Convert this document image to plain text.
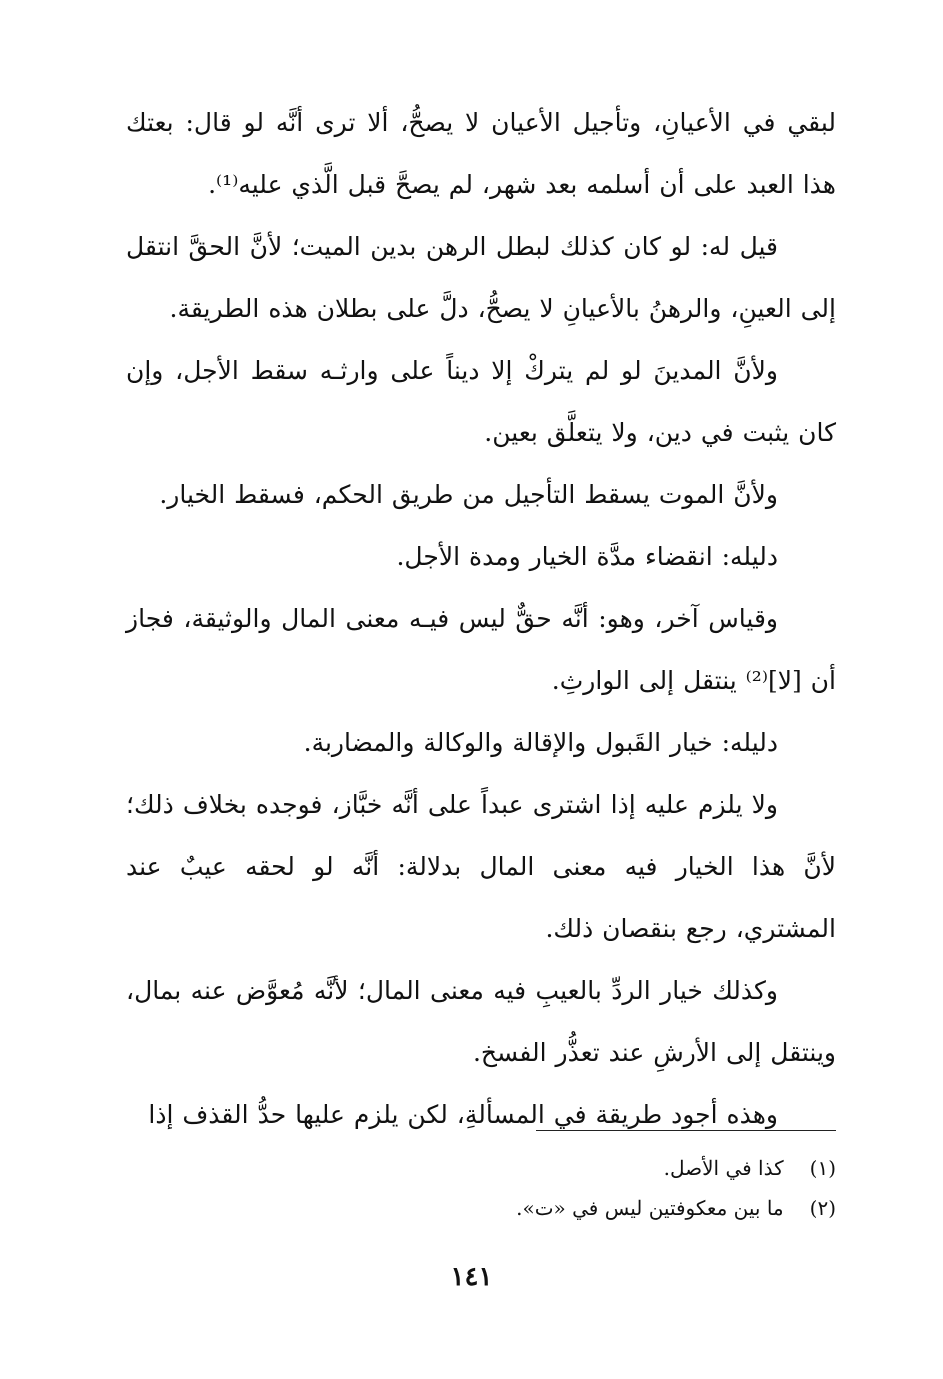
لبقي في الأعيانِ، وتأجيل الأعيان لا يصحُّ، ألا ترى أنَّه لو قال: بعتك هذا العبد على أن أسلمه بعد شهر، لم يصحَّ قبل الَّذي عليه⁽¹⁾.

قيل له: لو كان كذلك لبطل الرهن بدين الميت؛ لأنَّ الحقَّ انتقل إلى العينِ، والرهنُ بالأعيانِ لا يصحُّ، دلَّ على بطلان هذه الطريقة.

ولأنَّ المدينَ لو لم يتركْ إلا ديناً على وارثـه سقط الأجل، وإن كان يثبت في دين، ولا يتعلَّق بعين.

ولأنَّ الموت يسقط التأجيل من طريق الحكم، فسقط الخيار.

دليله: انقضاء مدَّة الخيار ومدة الأجل.

وقياس آخر، وهو: أنَّه حقٌّ ليس فيـه معنى المال والوثيقة، فجاز أن [لا]⁽²⁾ ينتقل إلى الوارثِ.

دليله: خيار القَبول والإقالة والوكالة والمضاربة.

ولا يلزم عليه إذا اشترى عبداً على أنَّه خبَّاز، فوجده بخلاف ذلك؛ لأنَّ هذا الخيار فيه معنى المال بدلالة: أنَّه لو لحقه عيبٌ عند المشتري، رجع بنقصان ذلك.

وكذلك خيار الردِّ بالعيبِ فيه معنى المال؛ لأنَّه مُعوَّض عنه بمال، وينتقل إلى الأرشِ عند تعذُّر الفسخ.

وهذه أجود طريقة في المسألةِ، لكن يلزم عليها حدُّ القذف إذا

(١) كذا في الأصل.

(٢) ما بين معكوفتين ليس في «ت».

١٤١
